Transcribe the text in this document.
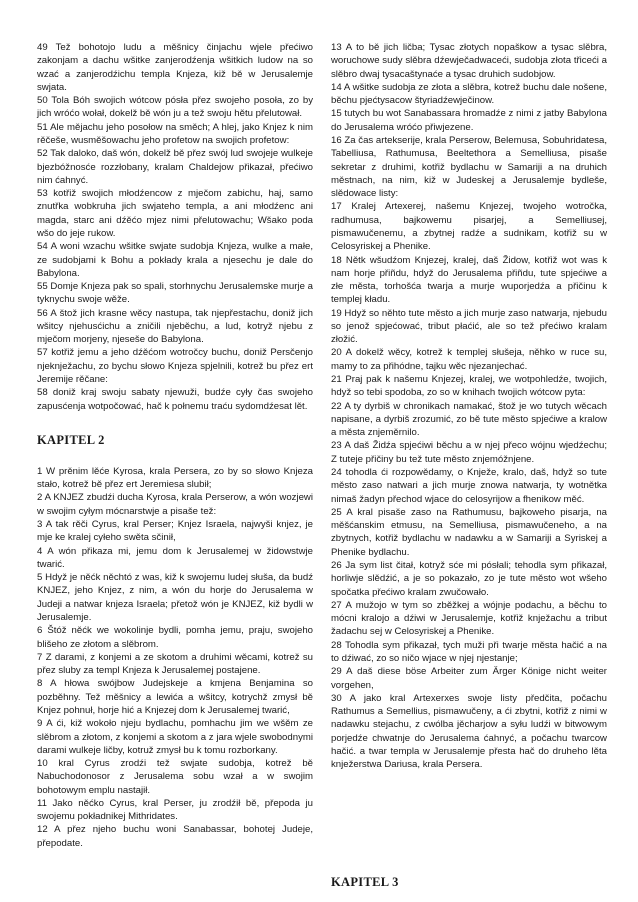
49 Tež bohotojo ludu a měšnicy činjachu wjele přećiwo zakonjam a dachu wšitke zanjerodźenja wšitkich ludow na so wzać a zanjerodźichu templa Knjeza, kiž bě w Jerusalemje swjata.

50 Tola Bóh swojich wótcow pósła přez swojeho posoła, zo by jich wróćo wołał, dokelž bě wón ju a tež swoju hětu přelutował.

51 Ale mějachu jeho posołow na směch; A hlej, jako Knjez k nim rěčeše, wusměšowachu jeho profetow na swojich profetow:

52 Tak daloko, daš wón, dokelž bě přez swój lud swojeje wulkeje bjezbóžnosće rozzłobany, kralam Chaldejow přikazał, přećiwo nim ćahnyć.

53 kotřiž swojich młodźencow z mječom zabichu, haj, samo znutřka wobkruha jich swjateho templa, a ani młodźenc ani magda, starc ani dźěćo mjez nimi přelutowachu; Wšako poda wšo do jeje rukow.

54 A woni wzachu wšitke swjate sudobja Knjeza, wulke a małe, ze sudobjami k Bohu a pokłady krala a njesechu je dale do Babylona.

55 Domje Knjeza pak so spali, storhnychu Jerusalemske murje a tyknychu swoje wěže.

56 A štož jich krasne wěcy nastupa, tak njepřestachu, doniž jich wšitcy njehusćichu a zničili njeběchu, a lud, kotryž njebu z mječom morjeny, njeseše do Babylona.

57 kotřiž jemu a jeho dźěćom wotročcy buchu, doniž Persčenjo njeknježachu, zo bychu słowo Knjeza spjelnili, kotrež bu přez ert Jeremije rěčane:

58 doniž kraj swoju sabaty njewuži, budźe cyły čas swojeho zapusćenja wotpočować, hač k połnemu traću sydomdźesat lět.

KAPITEL 2

1 W prěnim lěće Kyrosa, krala Persera, zo by so słowo Knjeza stało, kotrež bě přez ert Jeremiesa slubił;

2 A KNJEZ zbudźi ducha Kyrosa, krala Perserow, a wón wozjewi w swojim cyłym mócnarstwje a pisaše tež:

3 A tak rěči Cyrus, kral Perser; Knjez Israela, najwyši knjez, je mje ke kralej cyłeho swěta sčinił,

4 A wón přikaza mi, jemu dom k Jerusalemej w židowstwje twarić.

5 Hdyž je něćk něchtó z was, kiž k swojemu ludej słuša, da budź KNJEZ, jeho Knjez, z nim, a wón du horje do Jerusalema w Judeji a natwar knjeza Israela; přetož wón je KNJEZ, kiž bydli w Jerusalemje.

6 Štóž něćk we wokolinje bydli, pomha jemu, praju, swojeho blišeho ze złotom a slěbrom.

7 Z darami, z konjemi a ze skotom a druhimi wěcami, kotrež su přez sluby za templ Knjeza k Jerusalemej postajene.

8 A hłowa swójbow Judejskeje a kmjena Benjamina so pozběhny. Tež měšnicy a lewića a wšitcy, kotrychž zmysł bě Knjez pohnuł, horje hić a Knjezej dom k Jerusalemej twarić,

9 A ći, kiž wokoło njeju bydlachu, pomhachu jim we wšěm ze slěbrom a złotom, z konjemi a skotom a z jara wjele swobodnymi darami wulkeje ličby, kotruž zmysł bu k tomu rozborkany.

10 kral Cyrus zrodźi tež swjate sudobja, kotrež bě Nabuchodonosor z Jerusalema sobu wzał a w swojim bohotowym emplu nastajił.

11 Jako něćko Cyrus, kral Perser, ju zrodźił bě, přepoda ju swojemu pokładnikej Mithridates.

12 A přez njeho buchu woni Sanabassar, bohotej Judeje, přepodate.

13 A to bě jich ličba; Tysac złotych nopaškow a tysac slěbra, woruchowe sudy slěbra dźewječadwaceći, sudobja złota třiceći a slěbro dwaj tysacaštynaće a tysac druhich sudobjow.

14 A wšitke sudobja ze złota a slěbra, kotrež buchu dale nošene, běchu pjećtysacow štyriadźewječinow.

15 tutych bu wot Sanabassara hromadźe z nimi z jatby Babylona do Jerusalema wróćo přiwjezene.

16 Za čas artekserije, krala Perserow, Belemusa, Sobuhridatesa, Tabelliusa, Rathumusa, Beeltethora a Semelliusa, pisaše sekretar z druhimi, kotřiž bydlachu w Samariji a na druhich městnach, na nim, kiž w Judeskej a Jerusalemje bydleše, slědowace listy:

17 Kralej Artexerej, našemu Knjezej, twojeho wotročka, radhumusa, bajkowemu pisarjej, a Semelliusej, pismawučenemu, a zbytnej radźe a sudnikam, kotřiž su w Celosyriskej a Phenike.

18 Nětk wšudźom Knjezej, kralej, daš Židow, kotřiž wot was k nam horje přiñdu, hdyž do Jerusalema přiñdu, tute spjećiwe a złe města, torhošća twarja a murje wuporjedźa a přičinu k templej kładu.

19 Hdyž so něhto tute město a jich murje zaso natwarja, njebudu so jenož spjećować, tribut płaćić, ale so tež přećiwo kralam złožić.

20 A dokelž wěcy, kotrež k templej słušeja, něhko w ruce su, mamy to za přihódne, tajku wěc njezanjechać.

21 Praj pak k našemu Knjezej, kralej, we wotpohledźe, twojich, hdyž so tebi spodoba, zo so w knihach twojich wótcow pyta:

22 A ty dyrbiš w chronikach namakać, štož je wo tutych wěcach napisane, a dyrbiš zrozumić, zo bě tute město spjećiwe a kralow a města znjeměrnilo.

23 A daš Židźa spjećiwi běchu a w njej přeco wójnu wjedźechu; Z tuteje přičiny bu tež tute město znjemóžnjene.

24 tohodla ći rozpowědamy, o Knježe, kralo, daš, hdyž so tute město zaso natwari a jich murje znowa natwarja, ty wotnětka nimaš žadyn přechod wjace do celosyrijow a fhenikow měć.

25 A kral pisaše zaso na Rathumusu, bajkoweho pisarja, na měšćanskim etmusu, na Semelliusa, pismawučeneho, a na zbytnych, kotřiž bydlachu w nadawku a w Samariji a Syriskej a Phenike bydlachu.

26 Ja sym list čitał, kotryž sće mi pósłali; tehodla sym přikazał, horliwje slědźić, a je so pokazało, zo je tute město wot wšeho spočatka přećiwo kralam zwučowało.

27 A mužojo w tym so zběžkej a wójnje podachu, a běchu to mócni kralojo a dźiwi w Jerusalemje, kotřiž knježachu a tribut žadachu sej w Celosyriskej a Phenike.

28 Tohodla sym přikazał, tych muži při twarje města hačić a na to dźiwać, zo so ničo wjace w njej njestanje;

29 A daš diese böse Arbeiter zum Ärger Könige nicht weiter vorgehen,

30 A jako kral Artexerxes swoje listy předčita, počachu Rathumus a Semellius, pismawučeny, a ći zbytni, kotřiž z nimi w nadawku stejachu, z cwólba jěcharjow a syłu ludźi w bitwowym porjedźe chwatnje do Jerusalema ćahnyć, a počachu twarcow hačić. a twar templa w Jerusalemje přesta hač do druheho lěta knježerstwa Dariusa, krala Persera.

KAPITEL 3
